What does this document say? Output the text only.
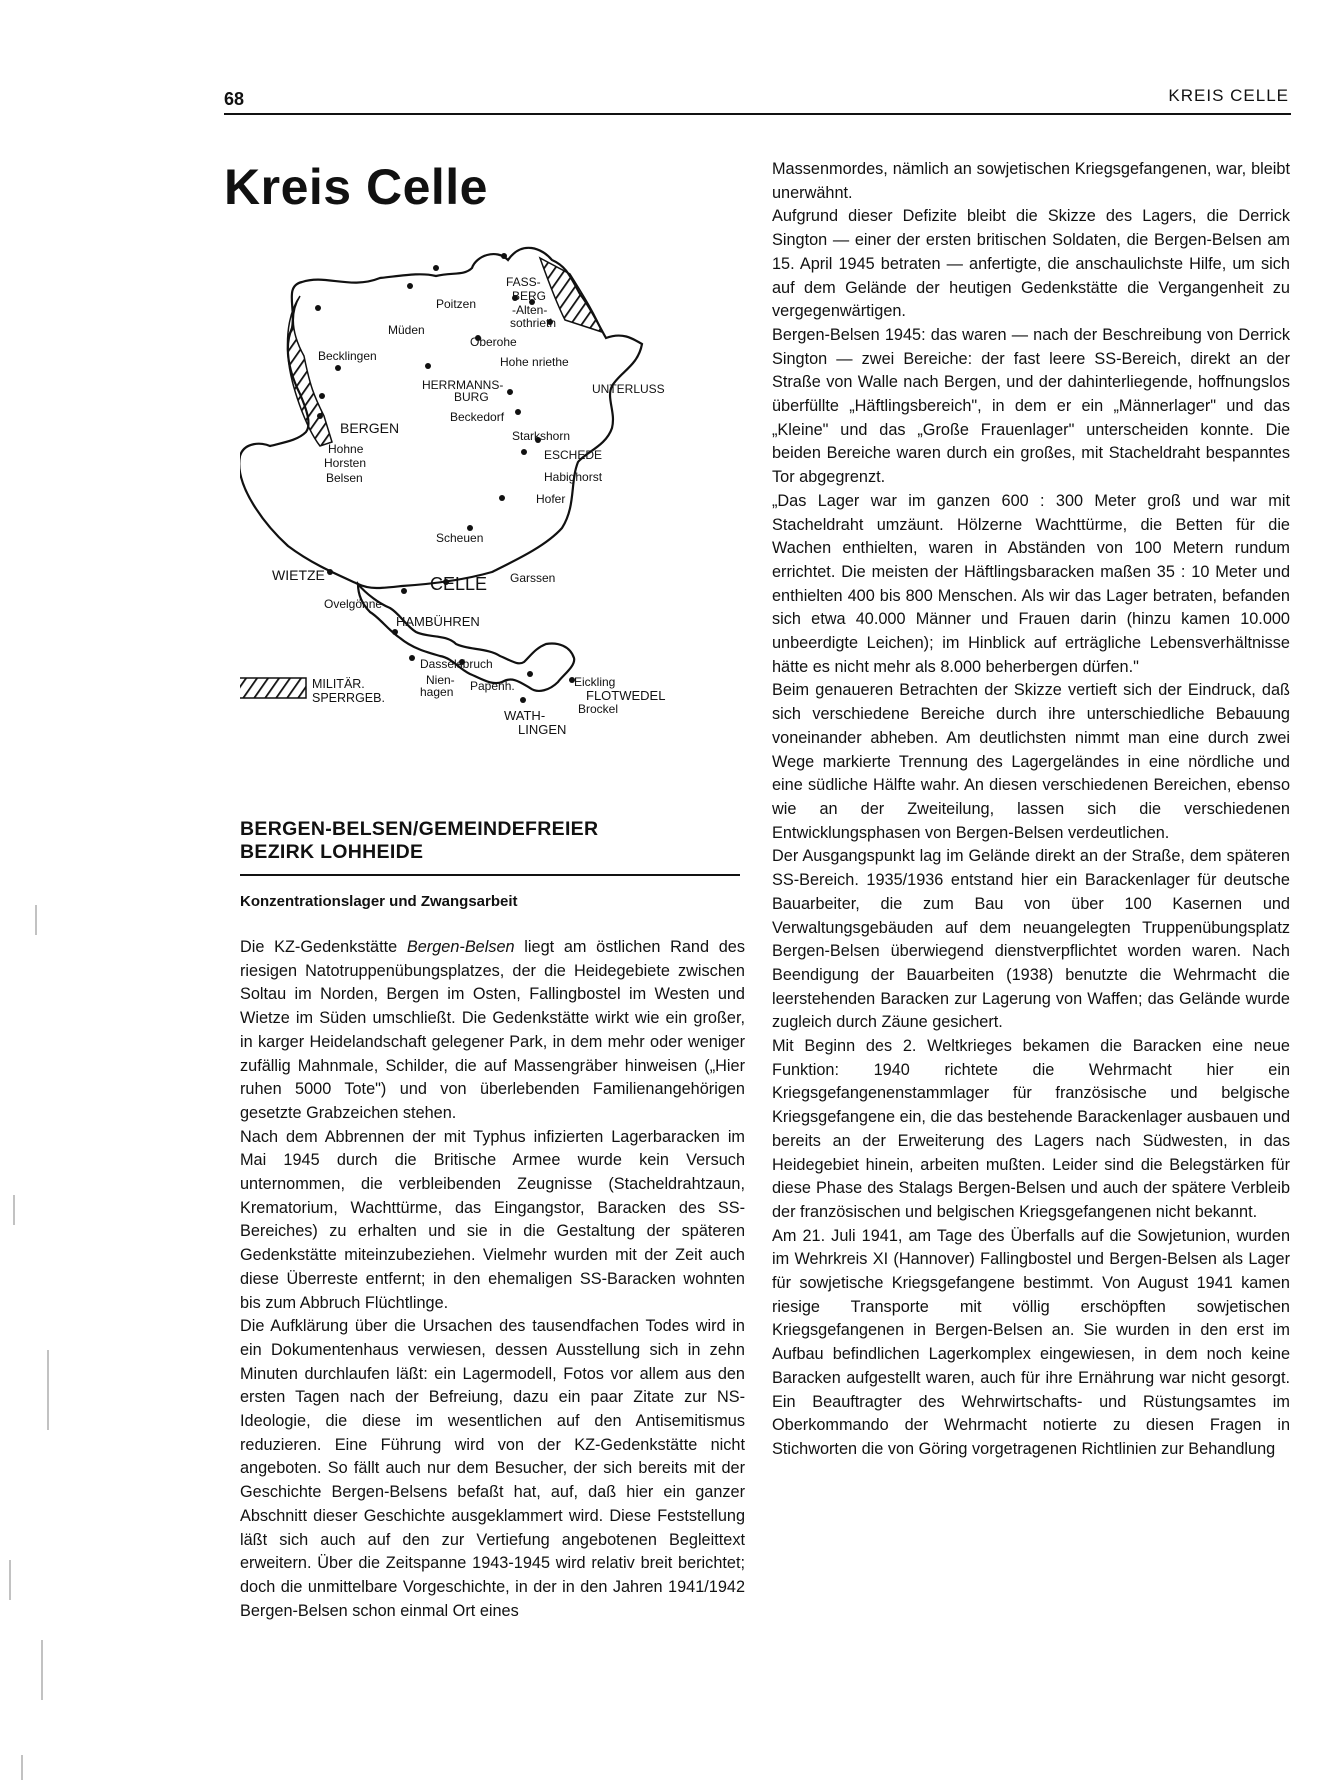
68	KREIS CELLE
Kreis Celle
FASS-
BERG
Poitzen	-Alten-
sothrieth
Müden
Oberohe
Becklingen	Hohe nriethe
HERRMANNS-
BURG
UNTERLUSS
Beckedorf
BERGEN	Starkshorn
Hohne	ESCHEDE
Horsten
Belsen	Habighorst
Hofer
Scheuen
WIETZE	Garssen
CELLE
Ovelgönne
HAMBÜHREN
Dasselsbruch
Nien-
hagen Papenh.	Eickling
FLOTWEDEL
Brockel
WATH-
LINGEN
MILITÄR.
SPERRGEB.
BERGEN-BELSEN/GEMEINDEFREIER
BEZIRK LOHHEIDE
Konzentrationslager und Zwangsarbeit

Die KZ-Gedenkstätte Bergen-Belsen liegt am östlichen Rand des riesigen Natotruppenübungsplatzes, der die Heidegebiete zwischen Soltau im Norden, Bergen im Osten, Fallingbostel im Westen und Wietze im Süden umschließt. Die Gedenkstätte wirkt wie ein großer, in karger Heidelandschaft gelegener Park, in dem mehr oder weniger zufällig Mahnmale, Schilder, die auf Massengräber hinweisen („Hier ruhen 5000 Tote") und von überlebenden Familienangehörigen gesetzte Grabzeichen stehen.

Nach dem Abbrennen der mit Typhus infizierten Lagerbaracken im Mai 1945 durch die Britische Armee wurde kein Versuch unternommen, die verbleibenden Zeugnisse (Stacheldrahtzaun, Krematorium, Wachttürme, das Eingangstor, Baracken des SS-Bereiches) zu erhalten und sie in die Gestaltung der späteren Gedenkstätte miteinzubeziehen. Vielmehr wurden mit der Zeit auch diese Überreste entfernt; in den ehemaligen SS-Baracken wohnten bis zum Abbruch Flüchtlinge.

Die Aufklärung über die Ursachen des tausendfachen Todes wird in ein Dokumentenhaus verwiesen, dessen Ausstellung sich in zehn Minuten durchlaufen läßt: ein Lagermodell, Fotos vor allem aus den ersten Tagen nach der Befreiung, dazu ein paar Zitate zur NS-Ideologie, die diese im wesentlichen auf den Antisemitismus reduzieren. Eine Führung wird von der KZ-Gedenkstätte nicht angeboten. So fällt auch nur dem Besucher, der sich bereits mit der Geschichte Bergen-Belsens befaßt hat, auf, daß hier ein ganzer Abschnitt dieser Geschichte ausgeklammert wird. Diese Feststellung läßt sich auch auf den zur Vertiefung angebotenen Begleittext erweitern. Über die Zeitspanne 1943-1945 wird relativ breit berichtet; doch die unmittelbare Vorgeschichte, in der in den Jahren 1941/1942 Bergen-Belsen schon einmal Ort eines

Massenmordes, nämlich an sowjetischen Kriegsgefangenen, war, bleibt unerwähnt.

Aufgrund dieser Defizite bleibt die Skizze des Lagers, die Derrick Sington — einer der ersten britischen Soldaten, die Bergen-Belsen am 15. April 1945 betraten — anfertigte, die anschaulichste Hilfe, um sich auf dem Gelände der heutigen Gedenkstätte die Vergangenheit zu vergegenwärtigen.

Bergen-Belsen 1945: das waren — nach der Beschreibung von Derrick Sington — zwei Bereiche: der fast leere SS-Bereich, direkt an der Straße von Walle nach Bergen, und der dahinterliegende, hoffnungslos überfüllte „Häftlingsbereich", in dem er ein „Männerlager" und das „Kleine" und das „Große Frauenlager" unterscheiden konnte. Die beiden Bereiche waren durch ein großes, mit Stacheldraht bespanntes Tor abgegrenzt.

„Das Lager war im ganzen 600 : 300 Meter groß und war mit Stacheldraht umzäunt. Hölzerne Wachttürme, die Betten für die Wachen enthielten, waren in Abständen von 100 Metern rundum errichtet. Die meisten der Häftlingsbaracken maßen 35 : 10 Meter und enthielten 400 bis 800 Menschen. Als wir das Lager betraten, befanden sich etwa 40.000 Männer und Frauen darin (hinzu kamen 10.000 unbeerdigte Leichen); im Hinblick auf erträgliche Lebensverhältnisse hätte es nicht mehr als 8.000 beherbergen dürfen."

Beim genaueren Betrachten der Skizze vertieft sich der Eindruck, daß sich verschiedene Bereiche durch ihre unterschiedliche Bebauung voneinander abheben. Am deutlichsten nimmt man eine durch zwei Wege markierte Trennung des Lagergeländes in eine nördliche und eine südliche Hälfte wahr. An diesen verschiedenen Bereichen, ebenso wie an der Zweiteilung, lassen sich die verschiedenen Entwicklungsphasen von Bergen-Belsen verdeutlichen.

Der Ausgangspunkt lag im Gelände direkt an der Straße, dem späteren SS-Bereich. 1935/1936 entstand hier ein Barackenlager für deutsche Bauarbeiter, die zum Bau von über 100 Kasernen und Verwaltungsgebäuden auf dem neuangelegten Truppenübungsplatz Bergen-Belsen überwiegend dienstverpflichtet worden waren. Nach Beendigung der Bauarbeiten (1938) benutzte die Wehrmacht die leerstehenden Baracken zur Lagerung von Waffen; das Gelände wurde zugleich durch Zäune gesichert.

Mit Beginn des 2. Weltkrieges bekamen die Baracken eine neue Funktion: 1940 richtete die Wehrmacht hier ein Kriegsgefangenenstammlager für französische und belgische Kriegsgefangene ein, die das bestehende Barackenlager ausbauen und bereits an der Erweiterung des Lagers nach Südwesten, in das Heidegebiet hinein, arbeiten mußten. Leider sind die Belegstärken für diese Phase des Stalags Bergen-Belsen und auch der spätere Verbleib der französischen und belgischen Kriegsgefangenen nicht bekannt.

Am 21. Juli 1941, am Tage des Überfalls auf die Sowjetunion, wurden im Wehrkreis XI (Hannover) Fallingbostel und Bergen-Belsen als Lager für sowjetische Kriegsgefangene bestimmt. Von August 1941 kamen riesige Transporte mit völlig erschöpften sowjetischen Kriegsgefangenen in Bergen-Belsen an. Sie wurden in den erst im Aufbau befindlichen Lagerkomplex eingewiesen, in dem noch keine Baracken aufgestellt waren, auch für ihre Ernährung war nicht gesorgt. Ein Beauftragter des Wehrwirtschafts- und Rüstungsamtes im Oberkommando der Wehrmacht notierte zu diesen Fragen in Stichworten die von Göring vorgetragenen Richtlinien zur Behandlung
